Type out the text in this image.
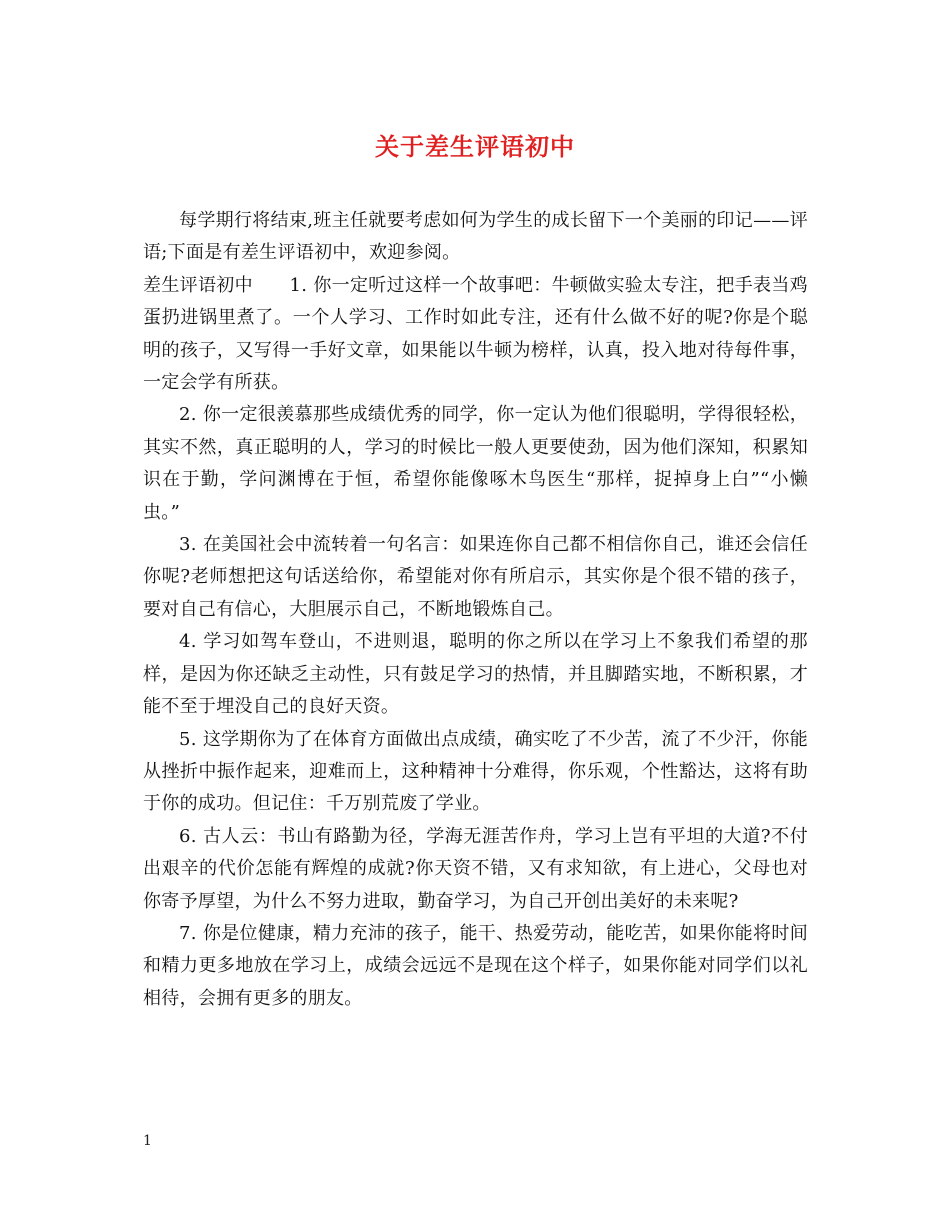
关于差生评语初中

每学期行将结束,班主任就要考虑如何为学生的成长留下一个美丽的印记——评语;下面是有差生评语初中，欢迎参阅。

差生评语初中   1. 你一定听过这样一个故事吧：牛顿做实验太专注，把手表当鸡蛋扔进锅里煮了。一个人学习、工作时如此专注，还有什么做不好的呢?你是个聪明的孩子，又写得一手好文章，如果能以牛顿为榜样，认真，投入地对待每件事，一定会学有所获。

2. 你一定很羡慕那些成绩优秀的同学，你一定认为他们很聪明，学得很轻松，其实不然，真正聪明的人，学习的时候比一般人更要使劲，因为他们深知，积累知识在于勤，学问渊博在于恒，希望你能像啄木鸟医生“那样，捉掉身上白”“小懒虫。”

3. 在美国社会中流转着一句名言：如果连你自己都不相信你自己，谁还会信任你呢?老师想把这句话送给你，希望能对你有所启示，其实你是个很不错的孩子，要对自己有信心，大胆展示自己，不断地锻炼自己。

4. 学习如驾车登山，不进则退，聪明的你之所以在学习上不象我们希望的那样，是因为你还缺乏主动性，只有鼓足学习的热情，并且脚踏实地，不断积累，才能不至于埋没自己的良好天资。

5. 这学期你为了在体育方面做出点成绩，确实吃了不少苦，流了不少汗，你能从挫折中振作起来，迎难而上，这种精神十分难得，你乐观，个性豁达，这将有助于你的成功。但记住：千万别荒废了学业。

6. 古人云：书山有路勤为径，学海无涯苦作舟，学习上岂有平坦的大道?不付出艰辛的代价怎能有辉煌的成就?你天资不错，又有求知欲，有上进心，父母也对你寄予厚望，为什么不努力进取，勤奋学习，为自己开创出美好的未来呢?

7. 你是位健康，精力充沛的孩子，能干、热爱劳动，能吃苦，如果你能将时间和精力更多地放在学习上，成绩会远远不是现在这个样子，如果你能对同学们以礼相待，会拥有更多的朋友。

1
